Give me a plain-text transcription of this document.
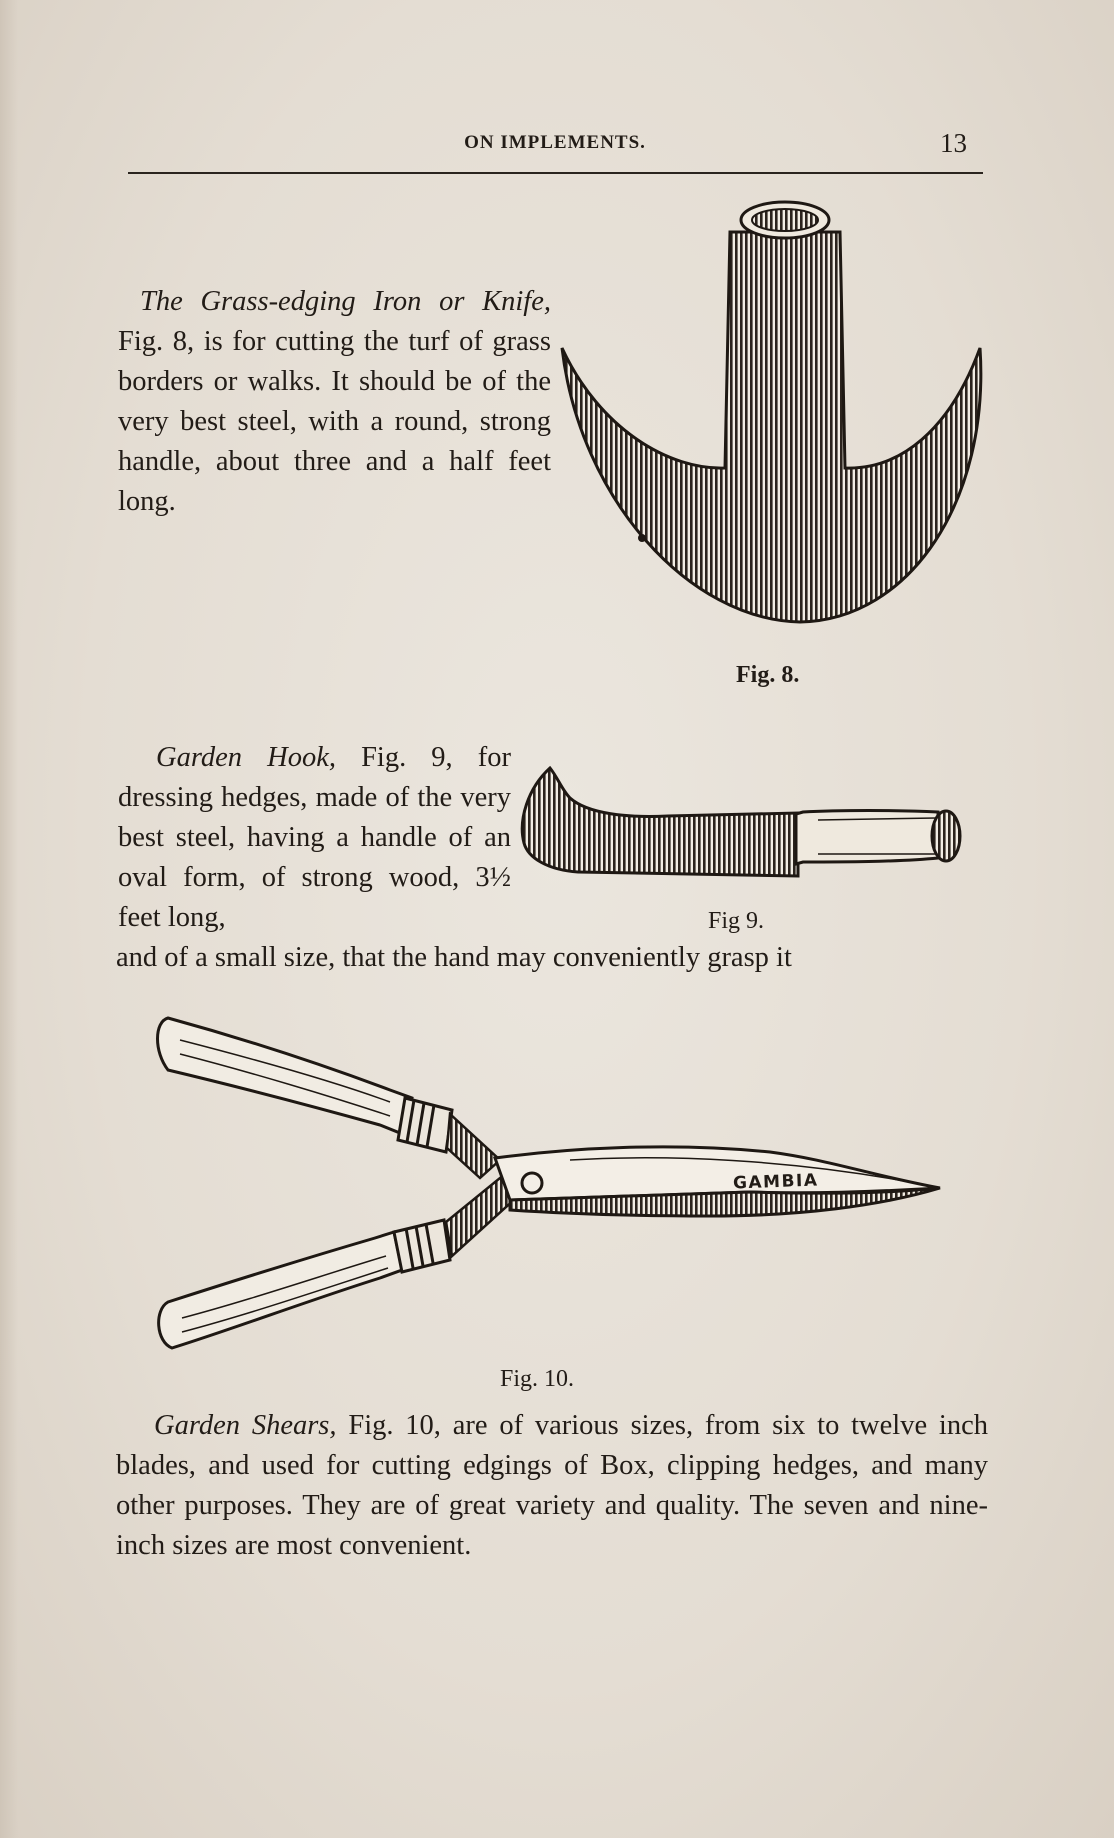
ON IMPLEMENTS.	13

The Grass-edging Iron or Knife, Fig. 8, is for cutting the turf of grass borders or walks. It should be of the very best steel, with a round, strong handle, about three and a half feet long.

Fig. 8.

Garden Hook, Fig. 9, for dressing hedges, made of the very best steel, having a handle of an oval form, of strong wood, 3½ feet long,	Fig 9.

and of a small size, that the hand may conveniently grasp it

GAMBIA
Fig. 10.

Garden Shears, Fig. 10, are of various sizes, from six to twelve inch blades, and used for cutting edgings of Box, clipping hedges, and many other purposes. They are of great variety and quality. The seven and nine-inch sizes are most convenient.
